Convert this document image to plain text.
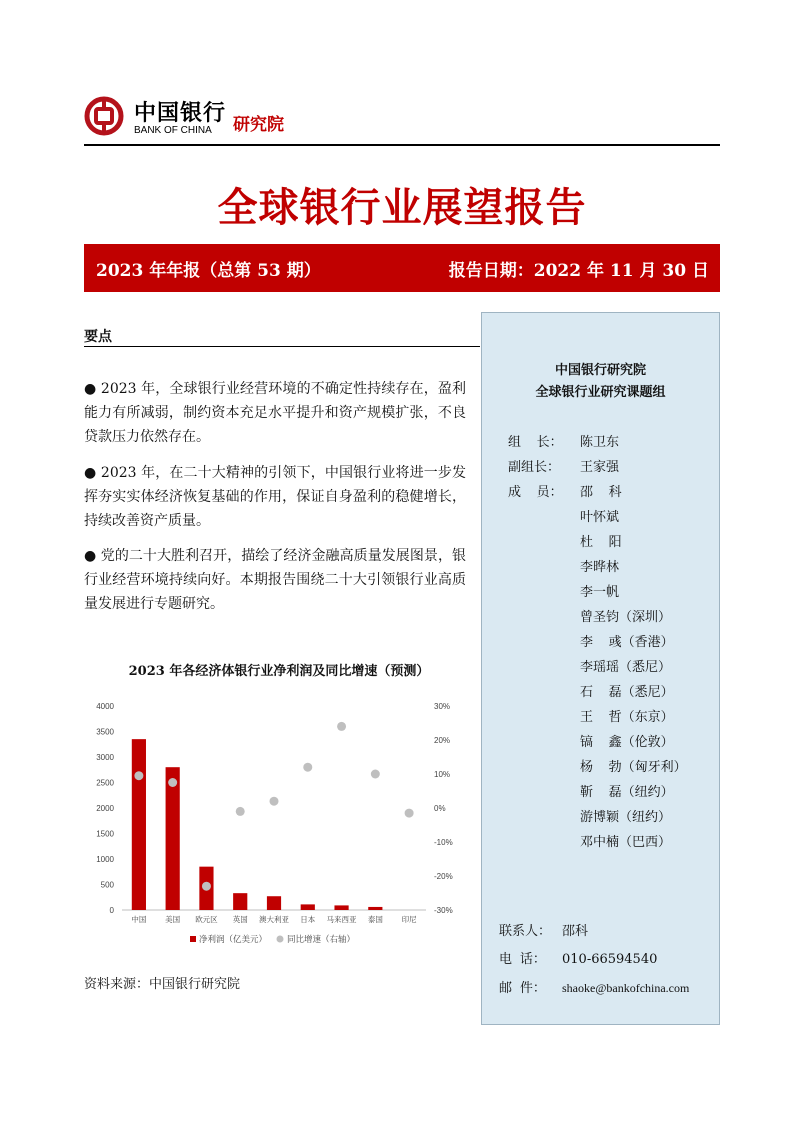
中国银行
BANK OF CHINA 研究院
全球银行业展望报告
2023 年年报（总第 53 期）	报告日期：2022 年 11 月 30 日
要点
● 2023 年，全球银行业经营环境的不确定性持续存在，盈利能力有所减弱，制约资本充足水平提升和资产规模扩张，不良贷款压力依然存在。
● 2023 年，在二十大精神的引领下，中国银行业将进一步发挥夯实实体经济恢复基础的作用，保证自身盈利的稳健增长，持续改善资产质量。
● 党的二十大胜利召开，描绘了经济金融高质量发展图景，银行业经营环境持续向好。本期报告围绕二十大引领银行业高质量发展进行专题研究。
2023 年各经济体银行业净利润及同比增速（预测）
0
500
1000
1500
2000
2500
3000
3500
4000
-30%
-20%
-10%
0%
10%
20%
30%
中国	美国 欧元区 英国 澳大利亚 日本 马来西亚 泰国	印尼
净利润（亿美元） 同比增速（右轴）
资料来源：中国银行研究院
中国银行研究院
全球银行业研究课题组
组  长： 陈卫东
副组长： 王家强
成  员： 邵  科
叶怀斌
杜  阳
李晔林
李一帆
曾圣钧（深圳）
李  彧（香港）
李瑶瑶（悉尼）
石  磊（悉尼）
王  哲（东京）
镐  鑫（伦敦）
杨  勃（匈牙利）
靳  磊（纽约）
游博颖（纽约）
邓中楠（巴西）
联系人： 邵科
电 话： 010-66594540
邮 件： shaoke@bankofchina.com
